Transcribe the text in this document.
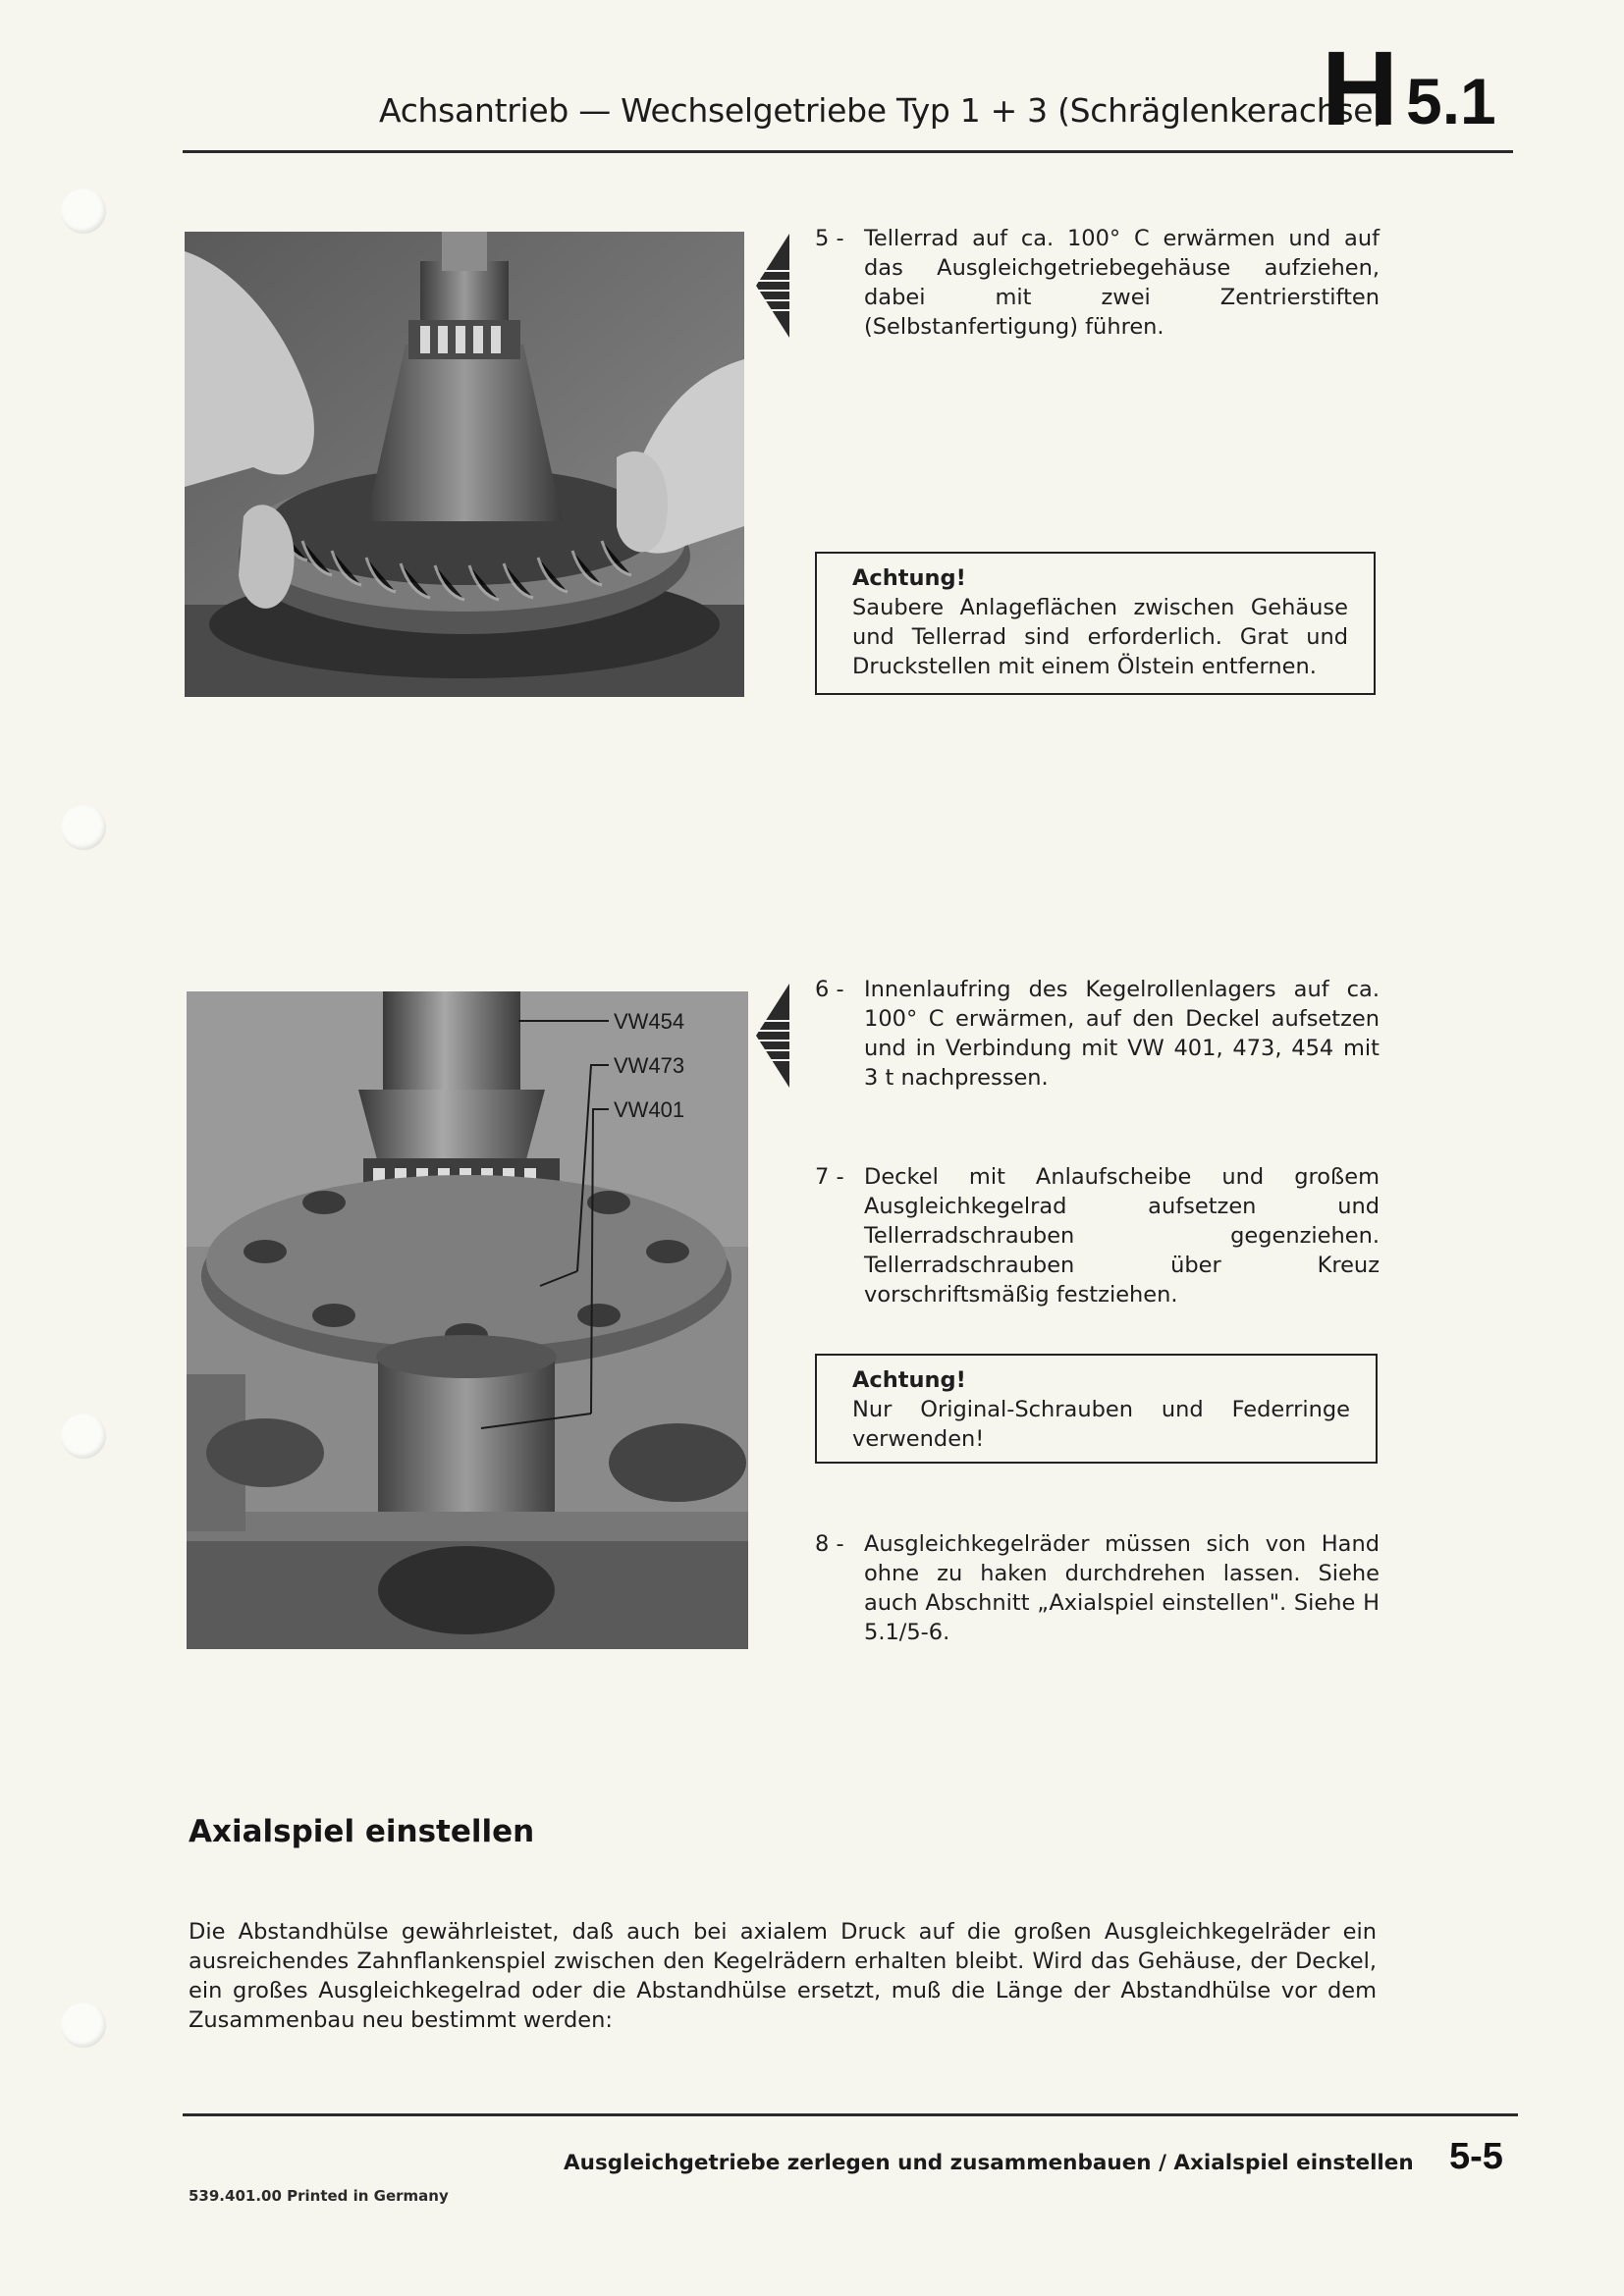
Achsantrieb — Wechselgetriebe Typ 1 + 3 (Schräglenkerachse)
H 5.1
5 - Tellerrad auf ca. 100° C erwärmen und auf das Ausgleichgetriebegehäuse aufziehen, dabei mit zwei Zentrierstiften (Selbstanfertigung) führen.
Achtung!
Saubere Anlageflächen zwischen Gehäuse und Tellerrad sind erforderlich. Grat und Druckstellen mit einem Ölstein entfernen.
VW454
VW473
VW401
6 - Innenlaufring des Kegelrollenlagers auf ca. 100° C erwärmen, auf den Deckel aufsetzen und in Verbindung mit VW 401, 473, 454 mit 3 t nachpressen.
7 - Deckel mit Anlaufscheibe und großem Ausgleichkegelrad aufsetzen und Tellerradschrauben gegenziehen. Tellerradschrauben über Kreuz vorschriftsmäßig festziehen.
Achtung!
Nur Original-Schrauben und Federringe verwenden!
8 - Ausgleichkegelräder müssen sich von Hand ohne zu haken durchdrehen lassen. Siehe auch Abschnitt „Axialspiel einstellen". Siehe H 5.1/5-6.
Axialspiel einstellen
Die Abstandhülse gewährleistet, daß auch bei axialem Druck auf die großen Ausgleichkegelräder ein ausreichendes Zahnflankenspiel zwischen den Kegelrädern erhalten bleibt. Wird das Gehäuse, der Deckel, ein großes Ausgleichkegelrad oder die Abstandhülse ersetzt, muß die Länge der Abstandhülse vor dem Zusammenbau neu bestimmt werden:
Ausgleichgetriebe zerlegen und zusammenbauen / Axialspiel einstellen 5-5
539.401.00 Printed in Germany
